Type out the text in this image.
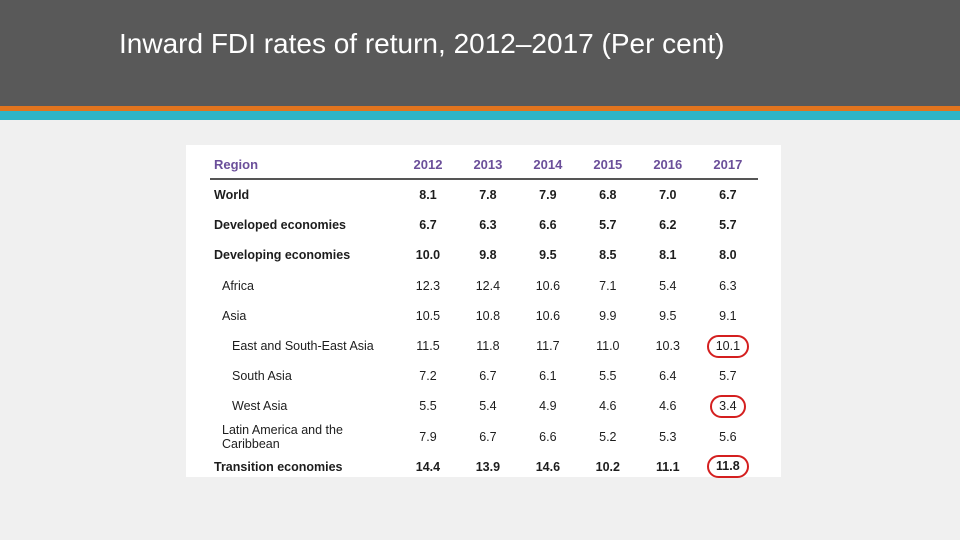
Inward FDI rates of return, 2012–2017 (Per cent)
Region	2012	2013	2014	2015	2016	2017
World	8.1	7.8	7.9	6.8	7.0	6.7
Developed economies	6.7	6.3	6.6	5.7	6.2	5.7
Developing economies	10.0	9.8	9.5	8.5	8.1	8.0
Africa	12.3	12.4	10.6	7.1	5.4	6.3
Asia	10.5	10.8	10.6	9.9	9.5	9.1
East and South-East Asia	11.5	11.8	11.7	11.0	10.3	10.1
South Asia	7.2	6.7	6.1	5.5	6.4	5.7
West Asia	5.5	5.4	4.9	4.6	4.6	3.4
Latin America and the Caribbean	7.9	6.7	6.6	5.2	5.3	5.6
Transition economies	14.4	13.9	14.6	10.2	11.1	11.8
